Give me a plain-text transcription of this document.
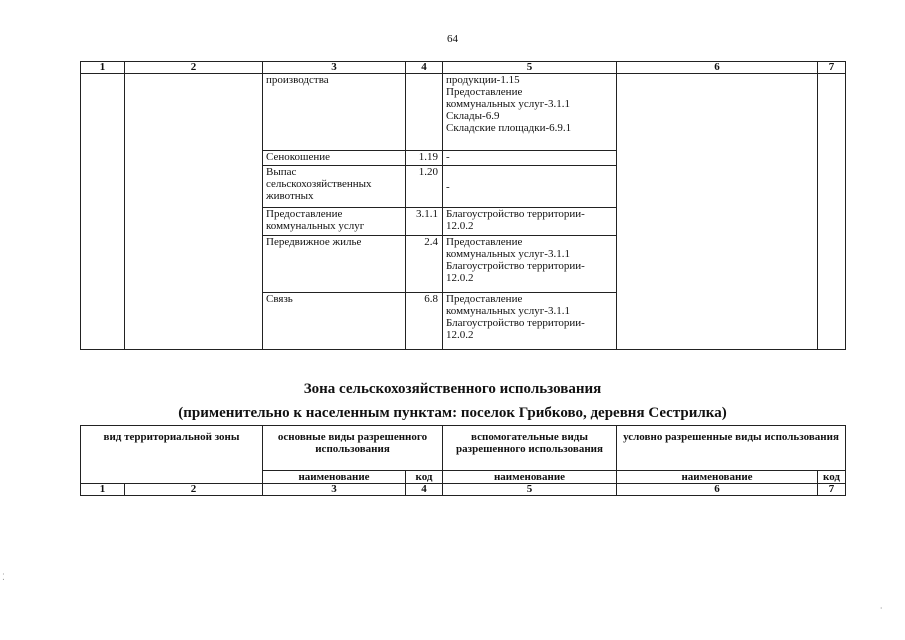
64
1	2	3	4	5	6	7
		производства		продукции-1.15
Предоставление
коммунальных услуг-3.1.1
Склады-6.9
Складские площадки-6.9.1		

		Сенокошение	1.19	-		
		Выпас сельскохозяйственных животных	1.20	-		
		Предоставление коммунальных услуг	3.1.1	Благоустройство территории-
12.0.2		

		Передвижное жилье	2.4	Предоставление
коммунальных услуг-3.1.1
Благоустройство территории-
12.0.2		

		Связь	6.8	Предоставление
коммунальных услуг-3.1.1
Благоустройство территории-
12.0.2		
Зона сельскохозяйственного использования
(применительно к населенным пунктам: поселок Грибково, деревня Сестрилка)
вид территориальной зоны		основные виды разрешенного использования		вспомогательные виды разрешенного использования	условно разрешенные виды использования	
		наименование	код	наименование	наименование	код
1	2	3	4	5	6	7
⁚
⸳
